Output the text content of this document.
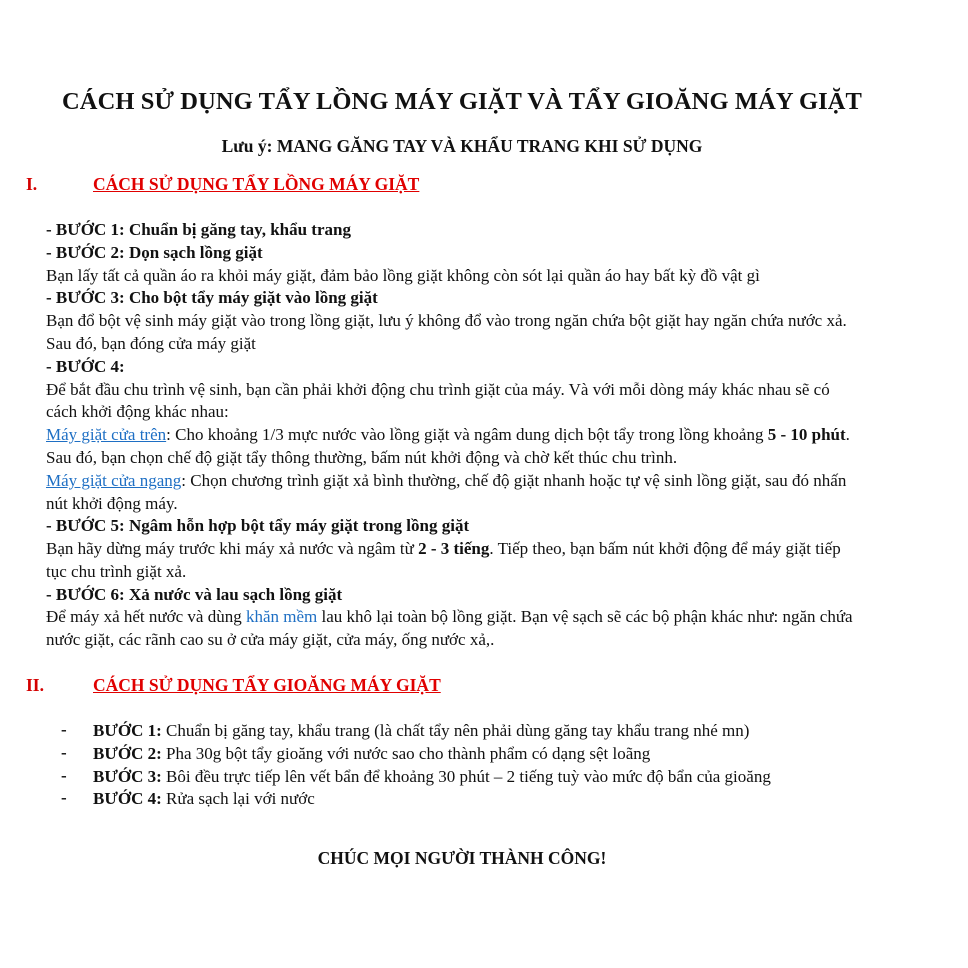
CÁCH SỬ DỤNG TẨY LỒNG MÁY GIẶT VÀ TẨY GIOĂNG MÁY GIẶT
Lưu ý: MANG GĂNG TAY VÀ KHẨU TRANG KHI SỬ DỤNG
I.	CÁCH SỬ DỤNG TẨY LỒNG MÁY GIẶT
- BƯỚC 1: Chuẩn bị găng tay, khẩu trang
- BƯỚC 2: Dọn sạch lồng giặt
Bạn lấy tất cả quần áo ra khỏi máy giặt, đảm bảo lồng giặt không còn sót lại quần áo hay bất kỳ đồ vật gì
- BƯỚC 3: Cho bột tẩy máy giặt vào lồng giặt
Bạn đổ bột vệ sinh máy giặt vào trong lồng giặt, lưu ý không đổ vào trong ngăn chứa bột giặt hay ngăn chứa nước xả.
Sau đó, bạn đóng cửa máy giặt
- BƯỚC 4:
Để bắt đầu chu trình vệ sinh, bạn cần phải khởi động chu trình giặt của máy. Và với mỗi dòng máy khác nhau sẽ có
cách khởi động khác nhau:
Máy giặt cửa trên: Cho khoảng 1/3 mực nước vào lồng giặt và ngâm dung dịch bột tẩy trong lồng khoảng 5 - 10 phút.
Sau đó, bạn chọn chế độ giặt tẩy thông thường, bấm nút khởi động và chờ kết thúc chu trình.
Máy giặt cửa ngang: Chọn chương trình giặt xả bình thường, chế độ giặt nhanh hoặc tự vệ sinh lồng giặt, sau đó nhấn
nút khởi động máy.
- BƯỚC 5: Ngâm hỗn hợp bột tẩy máy giặt trong lồng giặt
Bạn hãy dừng máy trước khi máy xả nước và ngâm từ 2 - 3 tiếng. Tiếp theo, bạn bấm nút khởi động để máy giặt tiếp
tục chu trình giặt xả.
- BƯỚC 6: Xả nước và lau sạch lồng giặt
Để máy xả hết nước và dùng khăn mềm lau khô lại toàn bộ lồng giặt. Bạn vệ sạch sẽ các bộ phận khác như: ngăn chứa
nước giặt, các rãnh cao su ở cửa máy giặt, cửa máy, ống nước xả,.
II.	CÁCH SỬ DỤNG TẨY GIOĂNG MÁY GIẶT
- BƯỚC 1: Chuẩn bị găng tay, khẩu trang (là chất tẩy nên phải dùng găng tay khẩu trang nhé mn)
- BƯỚC 2: Pha 30g bột tẩy gioăng với nước sao cho thành phẩm có dạng sệt loãng
- BƯỚC 3: Bôi đều trực tiếp lên vết bẩn để khoảng 30 phút – 2 tiếng tuỳ vào mức độ bẩn của gioăng
- BƯỚC 4: Rửa sạch lại với nước
CHÚC MỌI NGƯỜI THÀNH CÔNG!
